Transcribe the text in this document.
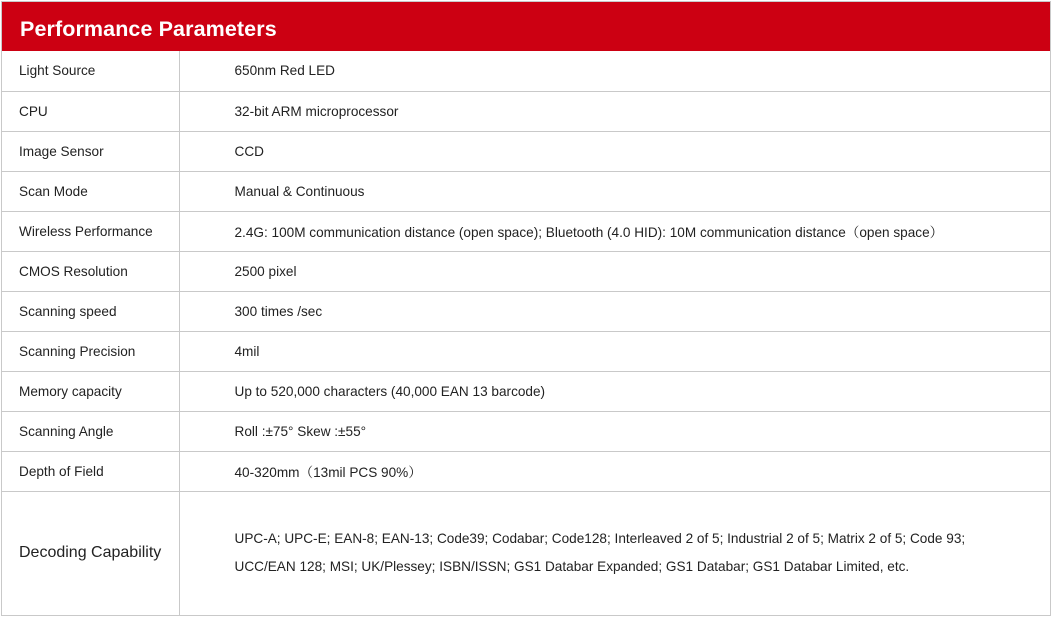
Performance Parameters
Light Source	650nm Red LED
CPU	32-bit ARM microprocessor
Image Sensor	CCD
Scan Mode	Manual & Continuous
Wireless Performance	2.4G: 100M communication distance (open space); Bluetooth (4.0 HID): 10M communication distance（open space）
CMOS Resolution	2500 pixel
Scanning speed	300 times /sec
Scanning Precision	4mil
Memory capacity	Up to 520,000 characters (40,000 EAN 13 barcode)
Scanning Angle	Roll :±75° Skew :±55°
Depth of Field	40-320mm（13mil PCS 90%）
Decoding Capability	UPC-A; UPC-E; EAN-8; EAN-13; Code39; Codabar; Code128; Interleaved 2 of 5; Industrial 2 of 5; Matrix 2 of 5; Code 93;
UCC/EAN 128; MSI; UK/Plessey; ISBN/ISSN; GS1 Databar Expanded; GS1 Databar; GS1 Databar Limited, etc.
